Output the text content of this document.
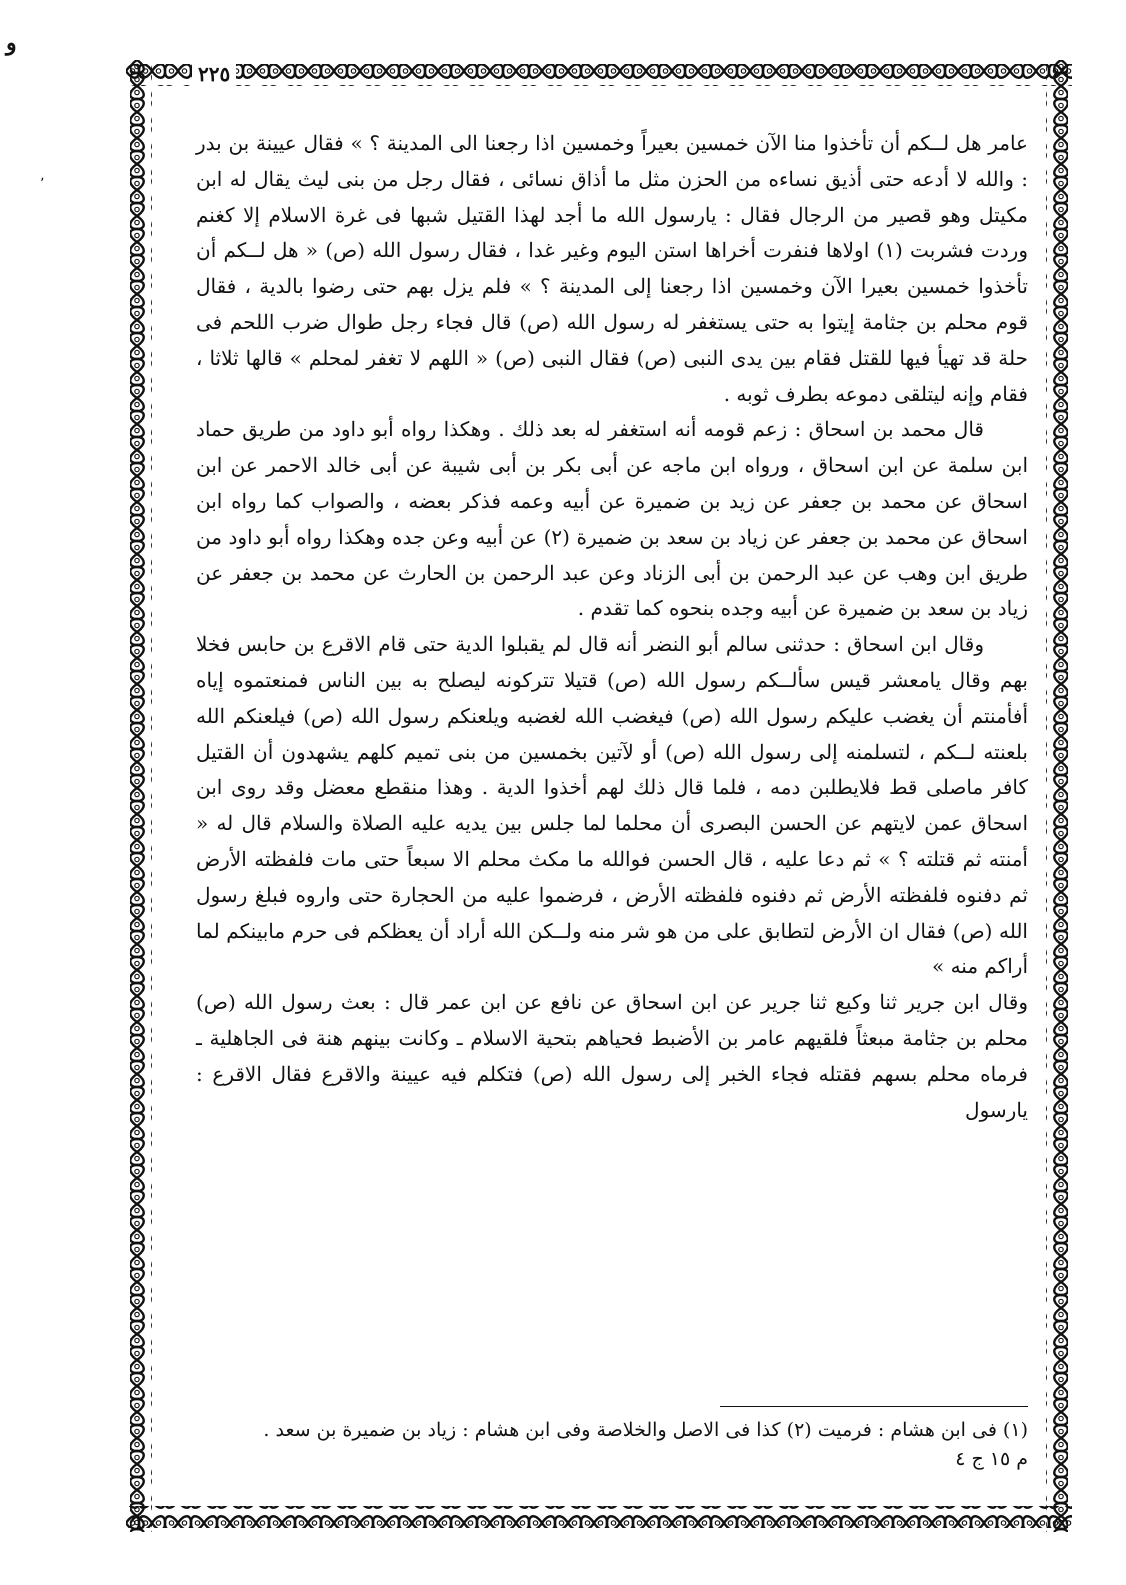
و
٬
٢٢٥

عامر هل لــكم أن تأخذوا منا الآن خمسين بعيراً وخمسين اذا رجعنا الى المدينة ؟ » فقال عيينة بن بدر : والله لا أدعه حتى أذيق نساءه من الحزن مثل ما أذاق نسائى ، فقال رجل من بنى ليث يقال له ابن مكيتل وهو قصير من الرجال فقال : يارسول الله ما أجد لهذا القتيل شبها فى غرة الاسلام إلا كغنم وردت فشربت (١) اولاها فنفرت أخراها استن اليوم وغير غدا ، فقال رسول الله (ص) « هل لــكم أن تأخذوا خمسين بعيرا الآن وخمسين اذا رجعنا إلى المدينة ؟ » فلم يزل بهم حتى رضوا بالدية ، فقال قوم محلم بن جثامة إيتوا به حتى يستغفر له رسول الله (ص) قال فجاء رجل طوال ضرب اللحم فى حلة قد تهيأ فيها للقتل فقام بين يدى النبى (ص) فقال النبى (ص) « اللهم لا تغفر لمحلم » قالها ثلاثا ، فقام وإنه ليتلقى دموعه بطرف ثوبه .

قال محمد بن اسحاق : زعم قومه أنه استغفر له بعد ذلك . وهكذا رواه أبو داود من طريق حماد ابن سلمة عن ابن اسحاق ، ورواه ابن ماجه عن أبى بكر بن أبى شيبة عن أبى خالد الاحمر عن ابن اسحاق عن محمد بن جعفر عن زيد بن ضميرة عن أبيه وعمه فذكر بعضه ، والصواب كما رواه ابن اسحاق عن محمد بن جعفر عن زياد بن سعد بن ضميرة (٢) عن أبيه وعن جده وهكذا رواه أبو داود من طريق ابن وهب عن عبد الرحمن بن أبى الزناد وعن عبد الرحمن بن الحارث عن محمد بن جعفر عن زياد بن سعد بن ضميرة عن أبيه وجده بنحوه كما تقدم .

وقال ابن اسحاق : حدثنى سالم أبو النضر أنه قال لم يقبلوا الدية حتى قام الاقرع بن حابس فخلا بهم وقال يامعشر قيس سألــكم رسول الله (ص) قتيلا تتركونه ليصلح به بين الناس فمنعتموه إياه أفأمنتم أن يغضب عليكم رسول الله (ص) فيغضب الله لغضبه ويلعنكم رسول الله (ص) فيلعنكم الله بلعنته لــكم ، لتسلمنه إلى رسول الله (ص) أو لآتين بخمسين من بنى تميم كلهم يشهدون أن القتيل كافر ماصلى قط فلايطلبن دمه ، فلما قال ذلك لهم أخذوا الدية . وهذا منقطع معضل وقد روى ابن اسحاق عمن لايتهم عن الحسن البصرى أن محلما لما جلس بين يديه عليه الصلاة والسلام قال له « أمنته ثم قتلته ؟ » ثم دعا عليه ، قال الحسن فوالله ما مكث محلم الا سبعاً حتى مات فلفظته الأرض ثم دفنوه فلفظته الأرض ثم دفنوه فلفظته الأرض ، فرضموا عليه من الحجارة حتى واروه فبلغ رسول الله (ص) فقال ان الأرض لتطابق على من هو شر منه ولــكن الله أراد أن يعظكم فى حرم مابينكم لما أراكم منه »

وقال ابن جرير ثنا وكيع ثنا جرير عن ابن اسحاق عن نافع عن ابن عمر قال : بعث رسول الله (ص) محلم بن جثامة مبعثاً فلقيهم عامر بن الأضبط فحياهم بتحية الاسلام ـ وكانت بينهم هنة فى الجاهلية ـ فرماه محلم بسهم فقتله فجاء الخبر إلى رسول الله (ص) فتكلم فيه عيينة والاقرع فقال الاقرع : يارسول

(١) فى ابن هشام : فرميت (٢) كذا فى الاصل والخلاصة وفى ابن هشام : زياد بن ضميرة بن سعد .
م ١٥ ج ٤
